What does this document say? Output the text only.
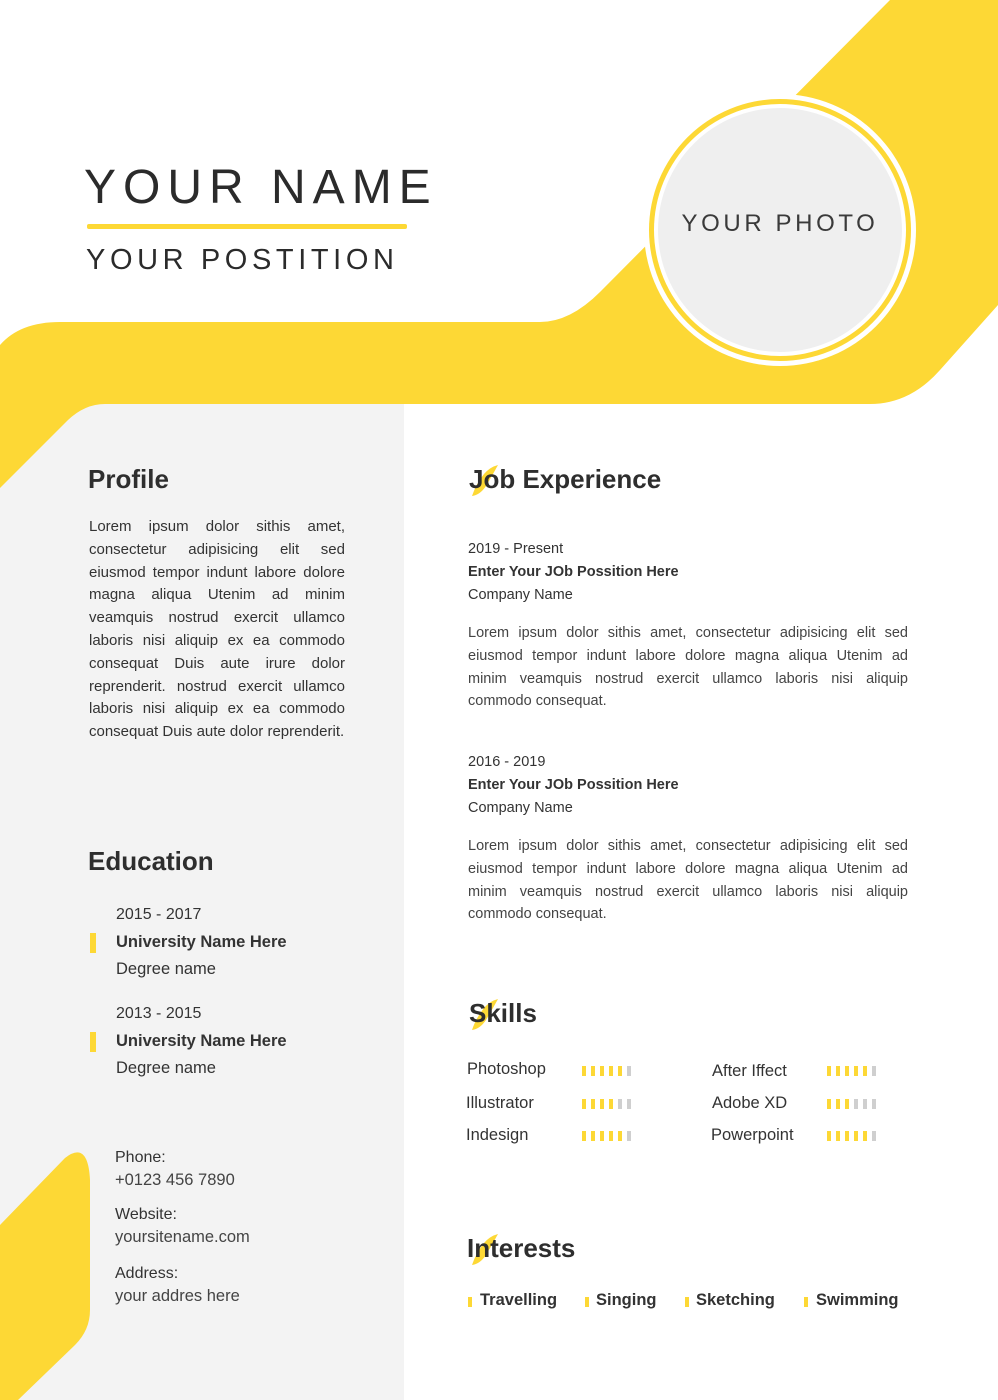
YOUR NAME
YOUR POSTITION
YOUR PHOTO
Profile
Lorem ipsum dolor sithis amet, consectetur adipisicing elit sed eiusmod tempor indunt labore dolore magna aliqua Utenim ad minim veamquis nostrud exercit ullamco laboris nisi aliquip ex ea commodo consequat Duis aute irure dolor reprenderit. nostrud exercit ullamco laboris nisi aliquip ex ea commodo consequat Duis aute dolor reprenderit.
Education
2015 - 2017
University Name Here
Degree name
2013 - 2015
University Name Here
Degree name
Phone:
+0123 456 7890
Website:
yoursitename.com
Address:
your addres here
Job Experience
2019 - Present
Enter Your JOb Possition Here
Company Name
Lorem ipsum dolor sithis amet, consectetur adipisicing elit sed eiusmod tempor indunt labore dolore magna aliqua Utenim ad minim veamquis nostrud exercit ullamco laboris nisi aliquip commodo consequat.
2016 - 2019
Enter Your JOb Possition Here
Company Name
Lorem ipsum dolor sithis amet, consectetur adipisicing elit sed eiusmod tempor indunt labore dolore magna aliqua Utenim ad minim veamquis nostrud exercit ullamco laboris nisi aliquip commodo consequat.
Skills
Photoshop	After Iffect
Illustrator	Adobe XD
Indesign	Powerpoint
Interests
Travelling Singing Sketching Swimming
